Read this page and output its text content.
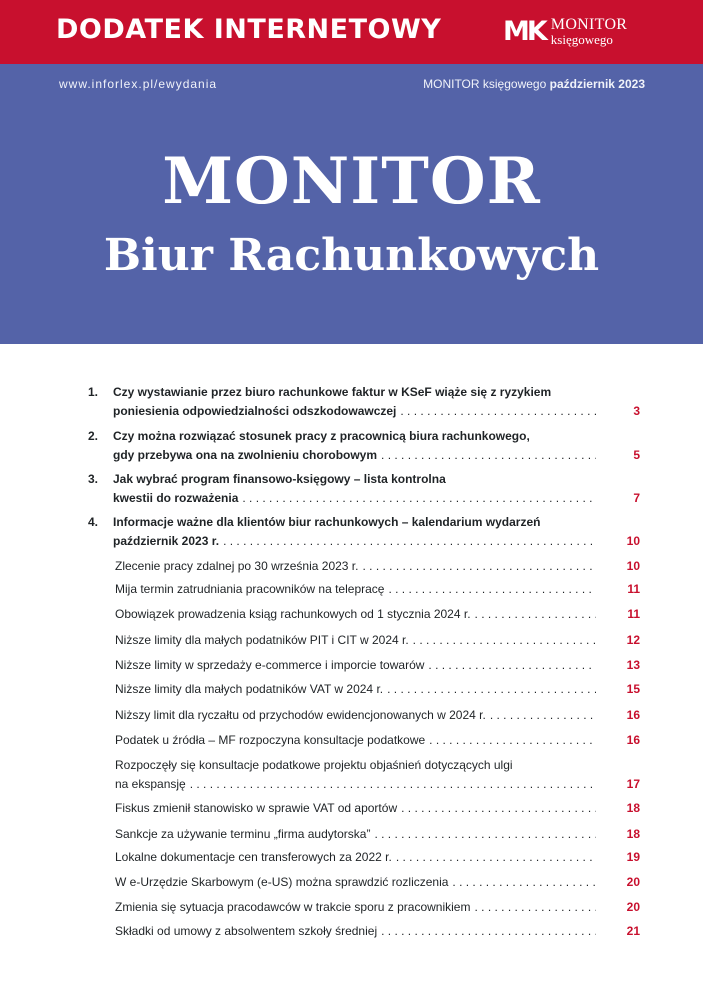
DODATEK INTERNETOWY MK MONITOR
księgowego
www.inforlex.pl/ewydania	MONITOR księgowego październik 2023
MONITOR
Biur Rachunkowych
1. Czy wystawianie przez biuro rachunkowe faktur w KSeF wiąże się z ryzykiem
poniesienia odpowiedzialności odszkodowawczej . . .	3
2. Czy można rozwiązać stosunek pracy z pracownicą biura rachunkowego,
gdy przebywa ona na zwolnieniu chorobowym . . .	5
3. Jak wybrać program finansowo-księgowy – lista kontrolna
kwestii do rozważenia . . .	7
4. Informacje ważne dla klientów biur rachunkowych – kalendarium wydarzeń
październik 2023 r. . . .	10
Zlecenie pracy zdalnej po 30 września 2023 r. . . .	10
Mija termin zatrudniania pracowników na telepracę . . .	11
Obowiązek prowadzenia ksiąg rachunkowych od 1 stycznia 2024 r. . . .	11
Niższe limity dla małych podatników PIT i CIT w 2024 r. . . .	12
Niższe limity w sprzedaży e-commerce i imporcie towarów . . .	13
Niższe limity dla małych podatników VAT w 2024 r. . . .	15
Niższy limit dla ryczałtu od przychodów ewidencjonowanych w 2024 r. . . .	16
Podatek u źródła – MF rozpoczyna konsultacje podatkowe . . .	16
Rozpoczęły się konsultacje podatkowe projektu objaśnień dotyczących ulgi
na ekspansję . . .	17
Fiskus zmienił stanowisko w sprawie VAT od aportów . . .	18
Sankcje za używanie terminu „firma audytorska” . . .	18
Lokalne dokumentacje cen transferowych za 2022 r. . . .	19
W e-Urzędzie Skarbowym (e-US) można sprawdzić rozliczenia . . .	20
Zmienia się sytuacja pracodawców w trakcie sporu z pracownikiem . . .	20
Składki od umowy z absolwentem szkoły średniej . . .	21
